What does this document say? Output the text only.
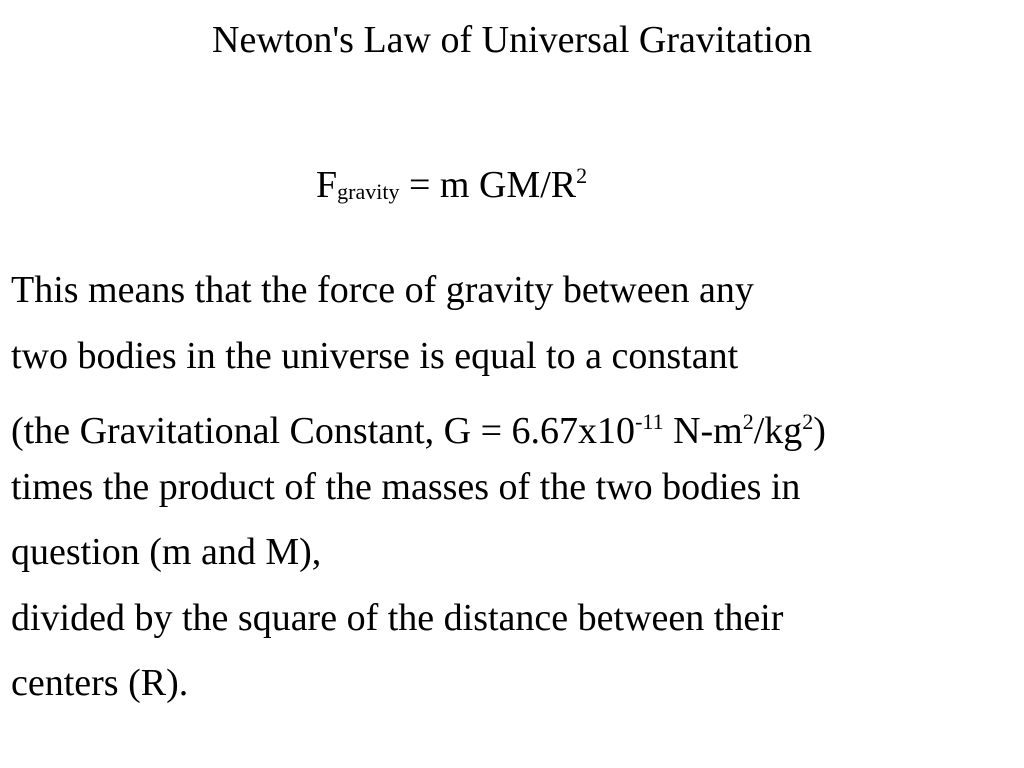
Newton's Law of Universal Gravitation
Fgravity = m $GM/R^2$
This means that the force of gravity between any
two bodies in the universe is equal to a constant
(the Gravitational Constant, $G = 6.67x10^{-11}$ $N-m^2/kg^2$)
times the product of the masses of the two bodies in
question (m and M),
divided by the square of the distance between their
centers (R).
